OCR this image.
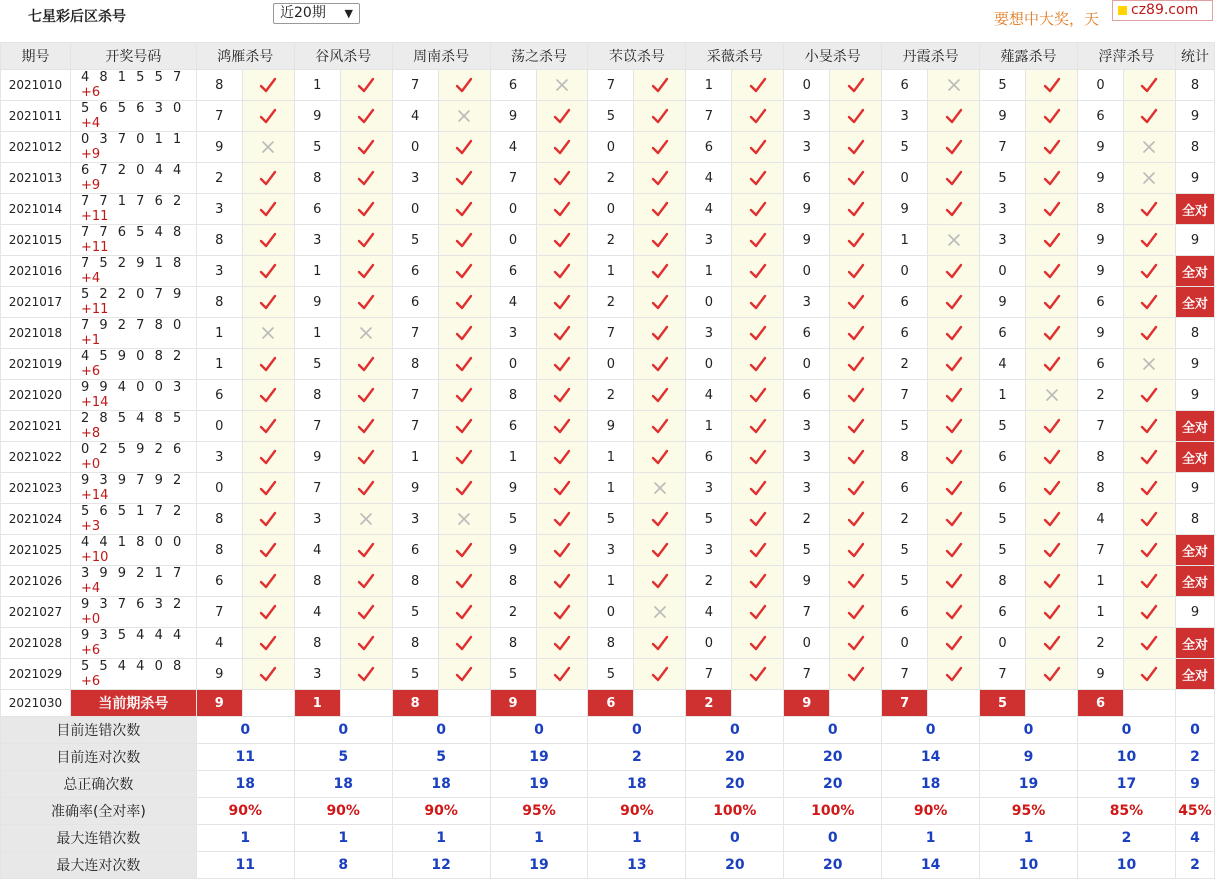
七星彩后区杀号	近20期 ▼	要想中大奖，天	cz89.com
期号	开奖号码	鸿雁杀号		谷风杀号		周南杀号		荡之杀号		芣苡杀号		采薇杀号		小旻杀号		丹霞杀号		薤露杀号		浮萍杀号		统计
2021010	4 8 1 5 5 7 +6	8		1		7		6		7		1		0		6		5		0		8
2021011	5 6 5 6 3 0 +4	7		9		4		9		5		7		3		3		9		6		9
2021012	0 3 7 0 1 1 +9	9		5		0		4		0		6		3		5		7		9		8
2021013	6 7 2 0 4 4 +9	2		8		3		7		2		4		6		0		5		9		9
2021014	7 7 1 7 6 2 +11	3		6		0		0		0		4		9		9		3		8		全对
2021015	7 7 6 5 4 8 +11	8		3		5		0		2		3		9		1		3		9		9
2021016	7 5 2 9 1 8 +4	3		1		6		6		1		1		0		0		0		9		全对
2021017	5 2 2 0 7 9 +11	8		9		6		4		2		0		3		6		9		6		全对
2021018	7 9 2 7 8 0 +1	1		1		7		3		7		3		6		6		6		9		8
2021019	4 5 9 0 8 2 +6	1		5		8		0		0		0		0		2		4		6		9
2021020	9 9 4 0 0 3 +14	6		8		7		8		2		4		6		7		1		2		9
2021021	2 8 5 4 8 5 +8	0		7		7		6		9		1		3		5		5		7		全对
2021022	0 2 5 9 2 6 +0	3		9		1		1		1		6		3		8		6		8		全对
2021023	9 3 9 7 9 2 +14	0		7		9		9		1		3		3		6		6		8		9
2021024	5 6 5 1 7 2 +3	8		3		3		5		5		5		2		2		5		4		8
2021025	4 4 1 8 0 0 +10	8		4		6		9		3		3		5		5		5		7		全对
2021026	3 9 9 2 1 7 +4	6		8		8		8		1		2		9		5		8		1		全对
2021027	9 3 7 6 3 2 +0	7		4		5		2		0		4		7		6		6		1		9
2021028	9 3 5 4 4 4 +6	4		8		8		8		8		0		0		0		0		2		全对
2021029	5 5 4 4 0 8 +6	9		3		5		5		5		7		7		7		7		9		全对
2021030	当前期杀号	9		1		8		9		6		2		9		7		5		6		
目前连错次数		0		0		0		0		0		0		0		0		0		0		0
目前连对次数		11		5		5		19		2		20		20		14		9		10		2
总正确次数		18		18		18		19		18		20		20		18		19		17		9
准确率(全对率)		90%		90%		90%		95%		90%		100%		100%		90%		95%		85%		45%
最大连错次数		1		1		1		1		1		0		0		1		1		2		4
最大连对次数		11		8		12		19		13		20		20		14		10		10		2
